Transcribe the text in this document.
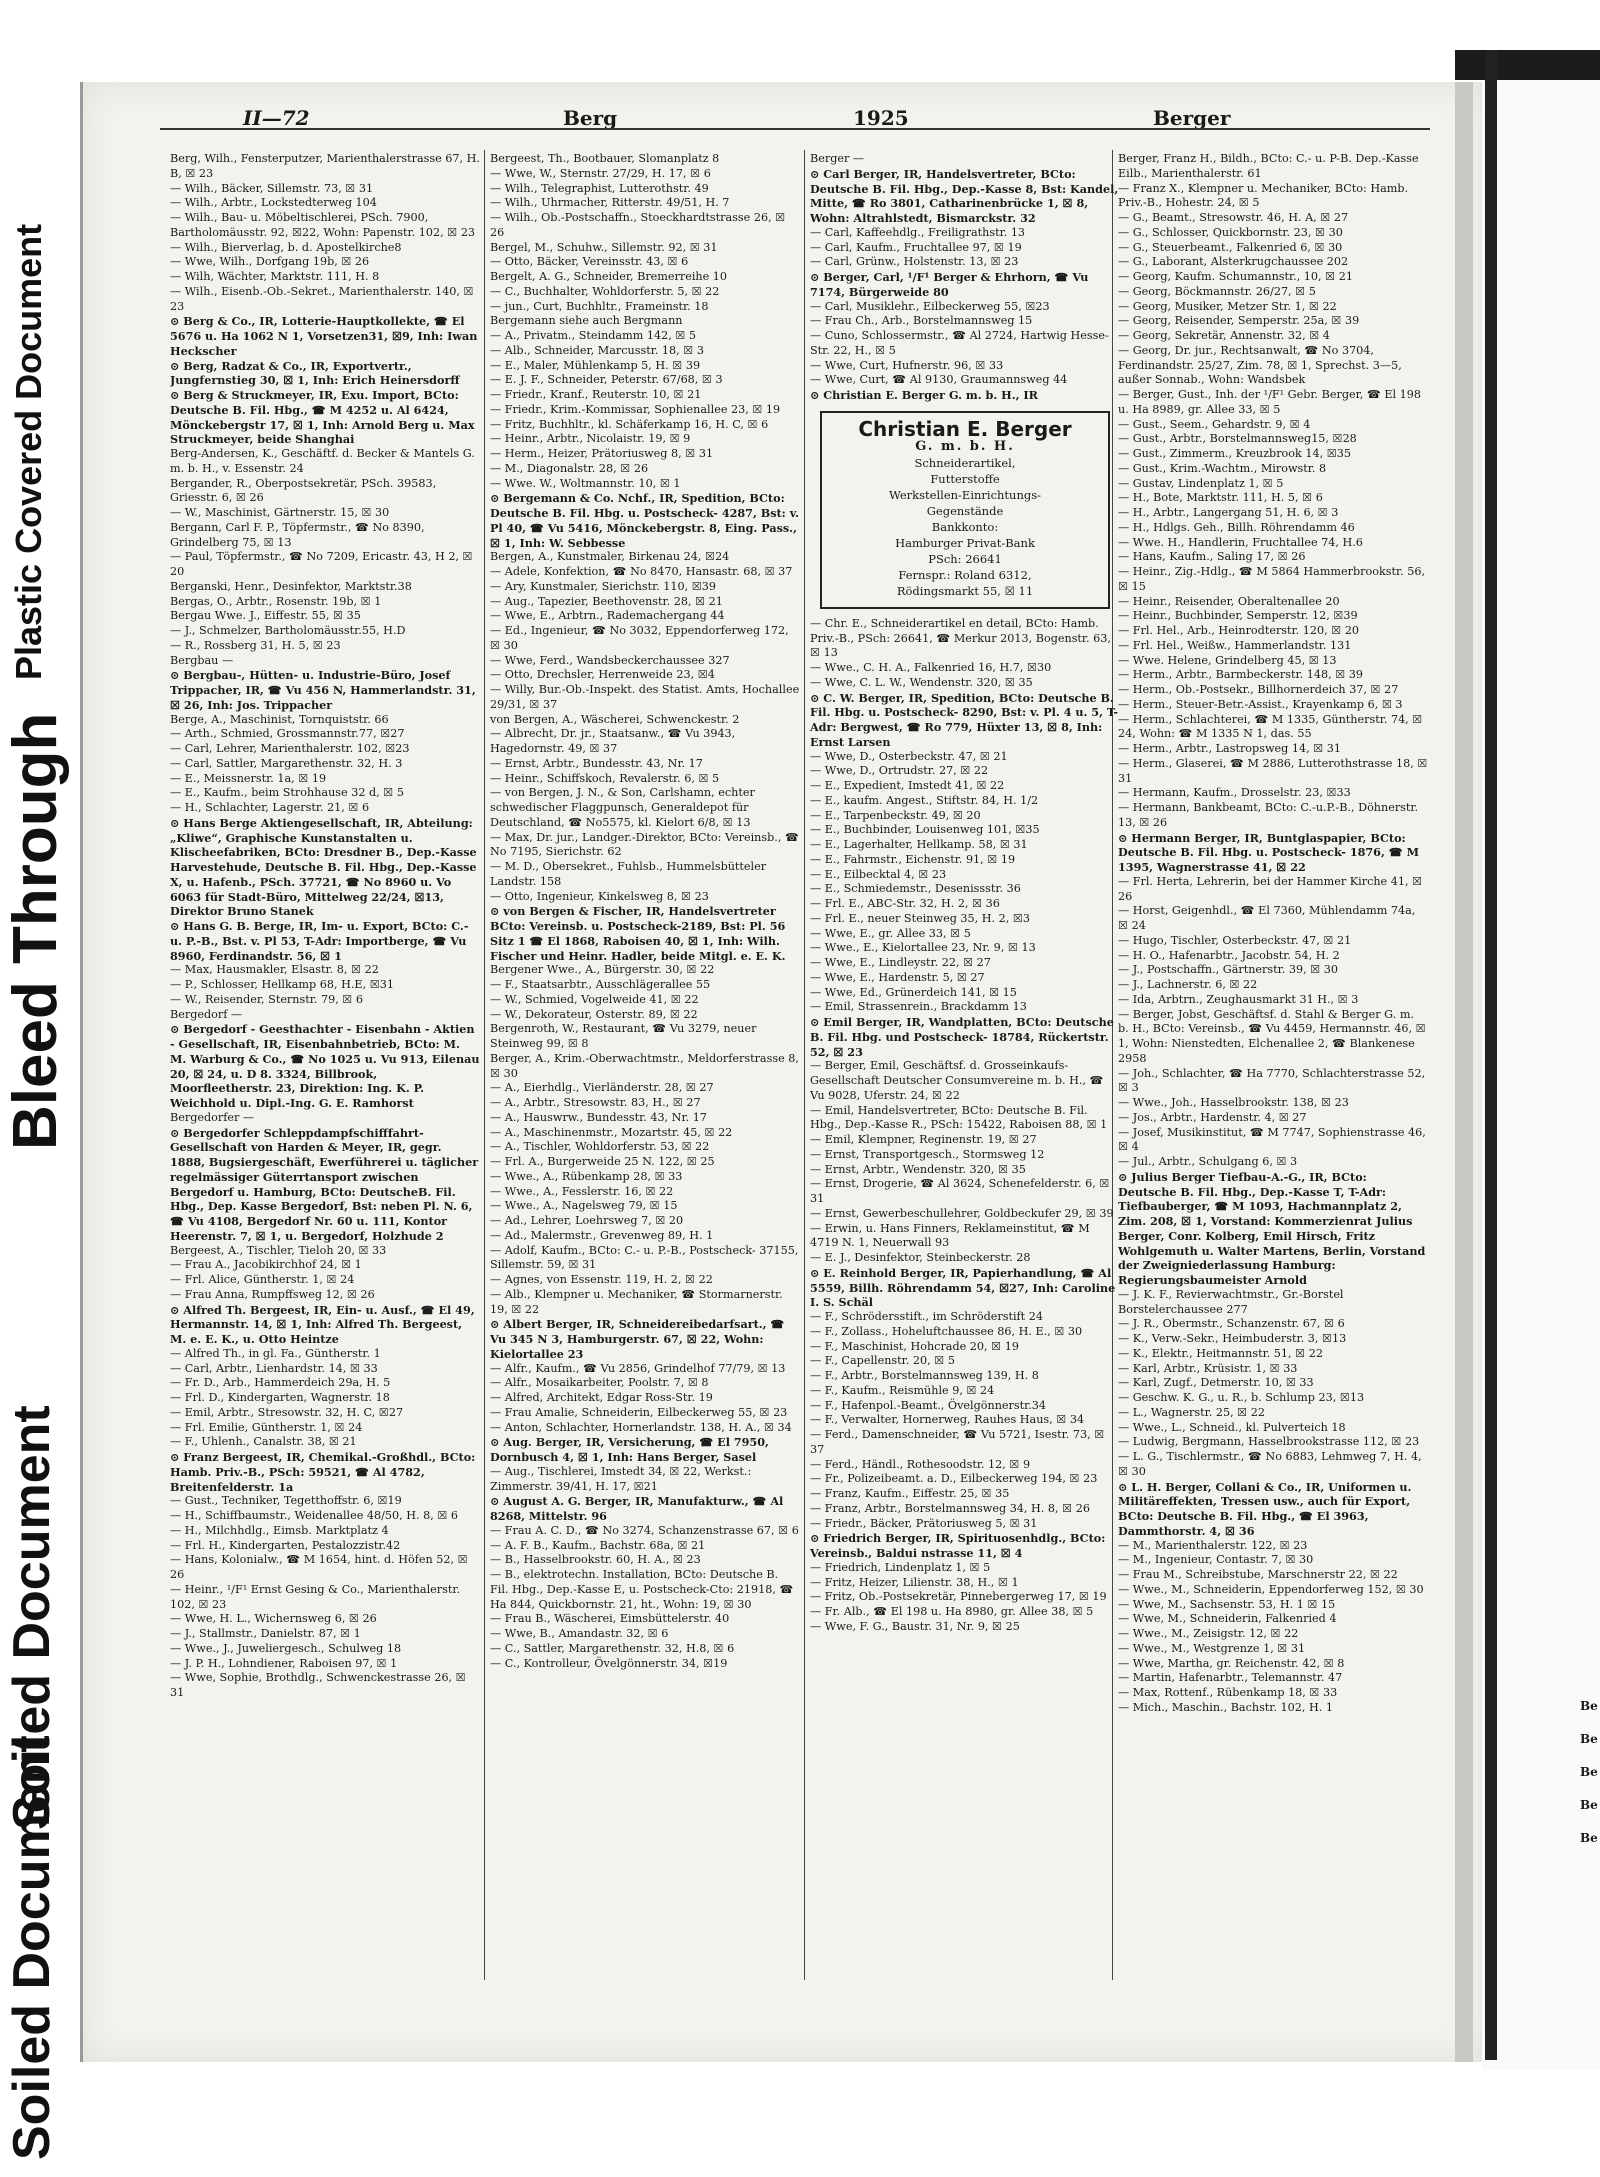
Plastic Covered Document
Bleed Through
Soiled Document
Soiled Document
II—72	Berg	1925	Berger

Berg, Wilh., Fensterputzer, Marienthalerstrasse 67, H. B, ☒ 23

— Wilh., Bäcker, Sillemstr. 73, ☒ 31

— Wilh., Arbtr., Lockstedterweg 104

— Wilh., Bau- u. Möbeltischlerei, PSch. 7900, Bartholomäusstr. 92, ☒22, Wohn: Papenstr. 102, ☒ 23

— Wilh., Bierverlag, b. d. Apostelkirche8

— Wwe, Wilh., Dorfgang 19b, ☒ 26

— Wilh, Wächter, Marktstr. 111, H. 8

— Wilh., Eisenb.-Ob.-Sekret., Marienthalerstr. 140, ☒ 23

⊙ Berg & Co., IR, Lotterie-Hauptkollekte, ☎ El 5676 u. Ha 1062 N 1, Vorsetzen31, ☒9, Inh: Iwan Heckscher

⊙ Berg, Radzat & Co., IR, Exportvertr., Jungfernstieg 30, ☒ 1, Inh: Erich Heinersdorff

⊙ Berg & Struckmeyer, IR, Exu. Import, BCto: Deutsche B. Fil. Hbg., ☎ M 4252 u. Al 6424, Mönckebergstr 17, ☒ 1, Inh: Arnold Berg u. Max Struckmeyer, beide Shanghai

Berg-Andersen, K., Geschäftf. d. Becker & Mantels G. m. b. H., v. Essenstr. 24

Bergander, R., Oberpostsekretär, PSch. 39583, Griesstr. 6, ☒ 26

— W., Maschinist, Gärtnerstr. 15, ☒ 30

Bergann, Carl F. P., Töpfermstr., ☎ No 8390, Grindelberg 75, ☒ 13

— Paul, Töpfermstr., ☎ No 7209, Ericastr. 43, H 2, ☒ 20

Berganski, Henr., Desinfektor, Marktstr.38

Bergas, O., Arbtr., Rosenstr. 19b, ☒ 1

Bergau Wwe. J., Eiffestr. 55, ☒ 35

— J., Schmelzer, Bartholomäusstr.55, H.D

— R., Rossberg 31, H. 5, ☒ 23

Bergbau —

⊙ Bergbau-, Hütten- u. Industrie-Büro, Josef Trippacher, IR, ☎ Vu 456 N, Hammerlandstr. 31, ☒ 26, Inh: Jos. Trippacher

Berge, A., Maschinist, Tornquiststr. 66

— Arth., Schmied, Grossmannstr.77, ☒27

— Carl, Lehrer, Marienthalerstr. 102, ☒23

— Carl, Sattler, Margarethenstr. 32, H. 3

— E., Meissnerstr. 1a, ☒ 19

— E., Kaufm., beim Strohhause 32 d, ☒ 5

— H., Schlachter, Lagerstr. 21, ☒ 6

⊙ Hans Berge Aktiengesellschaft, IR, Abteilung: „Kliwe“, Graphische Kunstanstalten u. Klischeefabriken, BCto: Dresdner B., Dep.-Kasse Harvestehude, Deutsche B. Fil. Hbg., Dep.-Kasse X, u. Hafenb., PSch. 37721, ☎ No 8960 u. Vo 6063 für Stadt-Büro, Mittelweg 22/24, ☒13, Direktor Bruno Stanek

⊙ Hans G. B. Berge, IR, Im- u. Export, BCto: C.- u. P.-B., Bst. v. Pl 53, T-Adr: Importberge, ☎ Vu 8960, Ferdinandstr. 56, ☒ 1

— Max, Hausmakler, Elsastr. 8, ☒ 22

— P., Schlosser, Hellkamp 68, H.E, ☒31

— W., Reisender, Sternstr. 79, ☒ 6

Bergedorf —

⊙ Bergedorf - Geesthachter - Eisenbahn - Aktien - Gesellschaft, IR, Eisenbahnbetrieb, BCto: M. M. Warburg & Co., ☎ No 1025 u. Vu 913, Eilenau 20, ☒ 24, u. D 8. 3324, Billbrook, Moorfleetherstr. 23, Direktion: Ing. K. P. Weichhold u. Dipl.-Ing. G. E. Ramhorst

Bergedorfer —

⊙ Bergedorfer Schleppdampfschifffahrt-Gesellschaft von Harden & Meyer, IR, gegr. 1888, Bugsiergeschäft, Ewerführerei u. täglicher regelmässiger Güterrtansport zwischen Bergedorf u. Hamburg, BCto: DeutscheB. Fil. Hbg., Dep. Kasse Bergedorf, Bst: neben Pl. N. 6, ☎ Vu 4108, Bergedorf Nr. 60 u. 111, Kontor Heerenstr. 7, ☒ 1, u. Bergedorf, Holzhude 2

Bergeest, A., Tischler, Tieloh 20, ☒ 33

— Frau A., Jacobikirchhof 24, ☒ 1

— Frl. Alice, Güntherstr. 1, ☒ 24

— Frau Anna, Rumpffsweg 12, ☒ 26

⊙ Alfred Th. Bergeest, IR, Ein- u. Ausf., ☎ El 49, Hermannstr. 14, ☒ 1, Inh: Alfred Th. Bergeest, M. e. E. K., u. Otto Heintze

— Alfred Th., in gl. Fa., Güntherstr. 1

— Carl, Arbtr., Lienhardstr. 14, ☒ 33

— Fr. D., Arb., Hammerdeich 29a, H. 5

— Frl. D., Kindergarten, Wagnerstr. 18

— Emil, Arbtr., Stresowstr. 32, H. C, ☒27

— Frl. Emilie, Güntherstr. 1, ☒ 24

— F., Uhlenh., Canalstr. 38, ☒ 21

⊙ Franz Bergeest, IR, Chemikal.-Großhdl., BCto: Hamb. Priv.-B., PSch: 59521, ☎ Al 4782, Breitenfelderstr. 1a

— Gust., Techniker, Tegetthoffstr. 6, ☒19

— H., Schiffbaumstr., Weidenallee 48/50, H. 8, ☒ 6

— H., Milchhdlg., Eimsb. Marktplatz 4

— Frl. H., Kindergarten, Pestalozzistr.42

— Hans, Kolonialw., ☎ M 1654, hint. d. Höfen 52, ☒ 26

— Heinr., ¹/F¹ Ernst Gesing & Co., Marienthalerstr. 102, ☒ 23

— Wwe, H. L., Wichernsweg 6, ☒ 26

— J., Stallmstr., Danielstr. 87, ☒ 1

— Wwe., J., Juweliergesch., Schulweg 18

— J. P. H., Lohndiener, Raboisen 97, ☒ 1

— Wwe, Sophie, Brothdlg., Schwenckestrasse 26, ☒ 31

Bergeest, Th., Bootbauer, Slomanplatz 8

— Wwe, W., Sternstr. 27/29, H. 17, ☒ 6

— Wilh., Telegraphist, Lutterothstr. 49

— Wilh., Uhrmacher, Ritterstr. 49/51, H. 7

— Wilh., Ob.-Postschaffn., Stoeckhardtstrasse 26, ☒ 26

Bergel, M., Schuhw., Sillemstr. 92, ☒ 31

— Otto, Bäcker, Vereinsstr. 43, ☒ 6

Bergelt, A. G., Schneider, Bremerreihe 10

— C., Buchhalter, Wohldorferstr. 5, ☒ 22

— jun., Curt, Buchhltr., Frameinstr. 18

Bergemann siehe auch Bergmann

— A., Privatm., Steindamm 142, ☒ 5

— Alb., Schneider, Marcusstr. 18, ☒ 3

— E., Maler, Mühlenkamp 5, H. ☒ 39

— E. J. F., Schneider, Peterstr. 67/68, ☒ 3

— Friedr., Kranf., Reuterstr. 10, ☒ 21

— Friedr., Krim.-Kommissar, Sophienallee 23, ☒ 19

— Fritz, Buchhltr., kl. Schäferkamp 16, H. C, ☒ 6

— Heinr., Arbtr., Nicolaistr. 19, ☒ 9

— Herm., Heizer, Prätoriusweg 8, ☒ 31

— M., Diagonalstr. 28, ☒ 26

— Wwe. W., Woltmannstr. 10, ☒ 1

⊙ Bergemann & Co. Nchf., IR, Spedition, BCto: Deutsche B. Fil. Hbg. u. Postscheck- 4287, Bst: v. Pl 40, ☎ Vu 5416, Mönckebergstr. 8, Eing. Pass., ☒ 1, Inh: W. Sebbesse

Bergen, A., Kunstmaler, Birkenau 24, ☒24

— Adele, Konfektion, ☎ No 8470, Hansastr. 68, ☒ 37

— Ary, Kunstmaler, Sierichstr. 110, ☒39

— Aug., Tapezier, Beethovenstr. 28, ☒ 21

— Wwe, E., Arbtrn., Rademachergang 44

— Ed., Ingenieur, ☎ No 3032, Eppendorferweg 172, ☒ 30

— Wwe, Ferd., Wandsbeckerchaussee 327

— Otto, Drechsler, Herrenweide 23, ☒4

— Willy, Bur.-Ob.-Inspekt. des Statist. Amts, Hochallee 29/31, ☒ 37

von Bergen, A., Wäscherei, Schwenckestr. 2

— Albrecht, Dr. jr., Staatsanw., ☎ Vu 3943, Hagedornstr. 49, ☒ 37

— Ernst, Arbtr., Bundesstr. 43, Nr. 17

— Heinr., Schiffskoch, Revalerstr. 6, ☒ 5

— von Bergen, J. N., & Son, Carlshamn, echter schwedischer Flaggpunsch, Generaldepot für Deutschland, ☎ No5575, kl. Kielort 6/8, ☒ 13

— Max, Dr. jur., Landger.-Direktor, BCto: Vereinsb., ☎ No 7195, Sierichstr. 62

— M. D., Obersekret., Fuhlsb., Hummelsbütteler Landstr. 158

— Otto, Ingenieur, Kinkelsweg 8, ☒ 23

⊙ von Bergen & Fischer, IR, Handelsvertreter BCto: Vereinsb. u. Postscheck-2189, Bst: Pl. 56 Sitz 1 ☎ El 1868, Raboisen 40, ☒ 1, Inh: Wilh. Fischer und Heinr. Hadler, beide Mitgl. e. E. K.

Bergener Wwe., A., Bürgerstr. 30, ☒ 22

— F., Staatsarbtr., Ausschlägerallee 55

— W., Schmied, Vogelweide 41, ☒ 22

— W., Dekorateur, Osterstr. 89, ☒ 22

Bergenroth, W., Restaurant, ☎ Vu 3279, neuer Steinweg 99, ☒ 8

Berger, A., Krim.-Oberwachtmstr., Meldorferstrasse 8, ☒ 30

— A., Eierhdlg., Vierländerstr. 28, ☒ 27

— A., Arbtr., Stresowstr. 83, H., ☒ 27

— A., Hauswrw., Bundesstr. 43, Nr. 17

— A., Maschinenmstr., Mozartstr. 45, ☒ 22

— A., Tischler, Wohldorferstr. 53, ☒ 22

— Frl. A., Burgerweide 25 N. 122, ☒ 25

— Wwe., A., Rübenkamp 28, ☒ 33

— Wwe., A., Fesslerstr. 16, ☒ 22

— Wwe., A., Nagelsweg 79, ☒ 15

— Ad., Lehrer, Loehrsweg 7, ☒ 20

— Ad., Malermstr., Grevenweg 89, H. 1

— Adolf, Kaufm., BCto: C.- u. P.-B., Postscheck- 37155, Sillemstr. 59, ☒ 31

— Agnes, von Essenstr. 119, H. 2, ☒ 22

— Alb., Klempner u. Mechaniker, ☎ Stormarnerstr. 19, ☒ 22

⊙ Albert Berger, IR, Schneidereibedarfsart., ☎ Vu 345 N 3, Hamburgerstr. 67, ☒ 22, Wohn: Kielortallee 23

— Alfr., Kaufm., ☎ Vu 2856, Grindelhof 77/79, ☒ 13

— Alfr., Mosaikarbeiter, Poolstr. 7, ☒ 8

— Alfred, Architekt, Edgar Ross-Str. 19

— Frau Amalie, Schneiderin, Eilbeckerweg 55, ☒ 23

— Anton, Schlachter, Hornerlandstr. 138, H. A., ☒ 34

⊙ Aug. Berger, IR, Versicherung, ☎ El 7950, Dornbusch 4, ☒ 1, Inh: Hans Berger, Sasel

— Aug., Tischlerei, Imstedt 34, ☒ 22, Werkst.: Zimmerstr. 39/41, H. 17, ☒21

⊙ August A. G. Berger, IR, Manufakturw., ☎ Al 8268, Mittelstr. 96

— Frau A. C. D., ☎ No 3274, Schanzenstrasse 67, ☒ 6

— A. F. B., Kaufm., Bachstr. 68a, ☒ 21

— B., Hasselbrookstr. 60, H. A., ☒ 23

— B., elektrotechn. Installation, BCto: Deutsche B. Fil. Hbg., Dep.-Kasse E, u. Postscheck-Cto: 21918, ☎ Ha 844, Quickbornstr. 21, ht., Wohn: 19, ☒ 30

— Frau B., Wäscherei, Eimsbüttelerstr. 40

— Wwe, B., Amandastr. 32, ☒ 6

— C., Sattler, Margarethenstr. 32, H.8, ☒ 6

— C., Kontrolleur, Övelgönnerstr. 34, ☒19

Berger —

⊙ Carl Berger, IR, Handelsvertreter, BCto: Deutsche B. Fil. Hbg., Dep.-Kasse 8, Bst: Kandel, Mitte, ☎ Ro 3801, Catharinenbrücke 1, ☒ 8, Wohn: Altrahlstedt, Bismarckstr. 32

— Carl, Kaffeehdlg., Freiligrathstr. 13

— Carl, Kaufm., Fruchtallee 97, ☒ 19

— Carl, Grünw., Holstenstr. 13, ☒ 23

⊙ Berger, Carl, ¹/F¹ Berger & Ehrhorn, ☎ Vu 7174, Bürgerweide 80

— Carl, Musiklehr., Eilbeckerweg 55, ☒23

— Frau Ch., Arb., Borstelmannsweg 15

— Cuno, Schlossermstr., ☎ Al 2724, Hartwig Hesse-Str. 22, H., ☒ 5

— Wwe, Curt, Hufnerstr. 96, ☒ 33

— Wwe, Curt, ☎ Al 9130, Graumannsweg 44

⊙ Christian E. Berger G. m. b. H., IR

Christian E. Berger
G. m. b. H.
Schneiderartikel,
Futterstoffe
Werkstellen-Einrichtungs-
Gegenstände
Bankkonto:
Hamburger Privat-Bank
PSch: 26641
Fernspr.: Roland 6312,
Rödingsmarkt 55, ☒ 11

— Chr. E., Schneiderartikel en detail, BCto: Hamb. Priv.-B., PSch: 26641, ☎ Merkur 2013, Bogenstr. 63, ☒ 13

— Wwe., C. H. A., Falkenried 16, H.7, ☒30

— Wwe, C. L. W., Wendenstr. 320, ☒ 35

⊙ C. W. Berger, IR, Spedition, BCto: Deutsche B. Fil. Hbg. u. Postscheck- 8290, Bst: v. Pl. 4 u. 5, T-Adr: Bergwest, ☎ Ro 779, Hüxter 13, ☒ 8, Inh: Ernst Larsen

— Wwe, D., Osterbeckstr. 47, ☒ 21

— Wwe, D., Ortrudstr. 27, ☒ 22

— E., Expedient, Imstedt 41, ☒ 22

— E., kaufm. Angest., Stiftstr. 84, H. 1/2

— E., Tarpenbeckstr. 49, ☒ 20

— E., Buchbinder, Louisenweg 101, ☒35

— E., Lagerhalter, Hellkamp. 58, ☒ 31

— E., Fahrmstr., Eichenstr. 91, ☒ 19

— E., Eilbecktal 4, ☒ 23

— E., Schmiedemstr., Desenissstr. 36

— Frl. E., ABC-Str. 32, H. 2, ☒ 36

— Frl. E., neuer Steinweg 35, H. 2, ☒3

— Wwe, E., gr. Allee 33, ☒ 5

— Wwe., E., Kielortallee 23, Nr. 9, ☒ 13

— Wwe, E., Lindleystr. 22, ☒ 27

— Wwe, E., Hardenstr. 5, ☒ 27

— Wwe, Ed., Grünerdeich 141, ☒ 15

— Emil, Strassenrein., Brackdamm 13

⊙ Emil Berger, IR, Wandplatten, BCto: Deutsche B. Fil. Hbg. und Postscheck- 18784, Rückertstr. 52, ☒ 23

— Berger, Emil, Geschäftsf. d. Grosseinkaufs-Gesellschaft Deutscher Consumvereine m. b. H., ☎ Vu 9028, Uferstr. 24, ☒ 22

— Emil, Handelsvertreter, BCto: Deutsche B. Fil. Hbg., Dep.-Kasse R., PSch: 15422, Raboisen 88, ☒ 1

— Emil, Klempner, Reginenstr. 19, ☒ 27

— Ernst, Transportgesch., Stormsweg 12

— Ernst, Arbtr., Wendenstr. 320, ☒ 35

— Ernst, Drogerie, ☎ Al 3624, Schenefelderstr. 6, ☒ 31

— Ernst, Gewerbeschullehrer, Goldbeckufer 29, ☒ 39

— Erwin, u. Hans Finners, Reklameinstitut, ☎ M 4719 N. 1, Neuerwall 93

— E. J., Desinfektor, Steinbeckerstr. 28

⊙ E. Reinhold Berger, IR, Papierhandlung, ☎ Al 5559, Billh. Röhrendamm 54, ☒27, Inh: Caroline I. S. Schäl

— F., Schrödersstift., im Schröderstift 24

— F., Zollass., Hoheluftchaussee 86, H. E., ☒ 30

— F., Maschinist, Hohcrade 20, ☒ 19

— F., Capellenstr. 20, ☒ 5

— F., Arbtr., Borstelmannsweg 139, H. 8

— F., Kaufm., Reismühle 9, ☒ 24

— F., Hafenpol.-Beamt., Övelgönnerstr.34

— F., Verwalter, Hornerweg, Rauhes Haus, ☒ 34

— Ferd., Damenschneider, ☎ Vu 5721, Isestr. 73, ☒ 37

— Ferd., Händl., Rothesoodstr. 12, ☒ 9

— Fr., Polizeibeamt. a. D., Eilbeckerweg 194, ☒ 23

— Franz, Kaufm., Eiffestr. 25, ☒ 35

— Franz, Arbtr., Borstelmannsweg 34, H. 8, ☒ 26

— Friedr., Bäcker, Prätoriusweg 5, ☒ 31

⊙ Friedrich Berger, IR, Spirituosenhdlg., BCto: Vereinsb., Baldui nstrasse 11, ☒ 4

— Friedrich, Lindenplatz 1, ☒ 5

— Fritz, Heizer, Lilienstr. 38, H., ☒ 1

— Fritz, Ob.-Postsekretär, Pinnebergerweg 17, ☒ 19

— Fr. Alb., ☎ El 198 u. Ha 8980, gr. Allee 38, ☒ 5

— Wwe, F. G., Baustr. 31, Nr. 9, ☒ 25

Berger, Franz H., Bildh., BCto: C.- u. P-B. Dep.-Kasse Eilb., Marienthalerstr. 61

— Franz X., Klempner u. Mechaniker, BCto: Hamb. Priv.-B., Hohestr. 24, ☒ 5

— G., Beamt., Stresowstr. 46, H. A, ☒ 27

— G., Schlosser, Quickbornstr. 23, ☒ 30

— G., Steuerbeamt., Falkenried 6, ☒ 30

— G., Laborant, Alsterkrugchaussee 202

— Georg, Kaufm. Schumannstr., 10, ☒ 21

— Georg, Böckmannstr. 26/27, ☒ 5

— Georg, Musiker, Metzer Str. 1, ☒ 22

— Georg, Reisender, Semperstr. 25a, ☒ 39

— Georg, Sekretär, Annenstr. 32, ☒ 4

— Georg, Dr. jur., Rechtsanwalt, ☎ No 3704, Ferdinandstr. 25/27, Zim. 78, ☒ 1, Sprechst. 3—5, außer Sonnab., Wohn: Wandsbek

— Berger, Gust., Inh. der ¹/F¹ Gebr. Berger, ☎ El 198 u. Ha 8989, gr. Allee 33, ☒ 5

— Gust., Seem., Gehardstr. 9, ☒ 4

— Gust., Arbtr., Borstelmannsweg15, ☒28

— Gust., Zimmerm., Kreuzbrook 14, ☒35

— Gust., Krim.-Wachtm., Mirowstr. 8

— Gustav, Lindenplatz 1, ☒ 5

— H., Bote, Marktstr. 111, H. 5, ☒ 6

— H., Arbtr., Langergang 51, H. 6, ☒ 3

— H., Hdlgs. Geh., Billh. Röhrendamm 46

— Wwe. H., Handlerin, Fruchtallee 74, H.6

— Hans, Kaufm., Saling 17, ☒ 26

— Heinr., Zig.-Hdlg., ☎ M 5864 Hammerbrookstr. 56, ☒ 15

— Heinr., Reisender, Oberaltenallee 20

— Heinr., Buchbinder, Semperstr. 12, ☒39

— Frl. Hel., Arb., Heinrodterstr. 120, ☒ 20

— Frl. Hel., Weißw., Hammerlandstr. 131

— Wwe. Helene, Grindelberg 45, ☒ 13

— Herm., Arbtr., Barmbeckerstr. 148, ☒ 39

— Herm., Ob.-Postsekr., Billhornerdeich 37, ☒ 27

— Herm., Steuer-Betr.-Assist., Krayenkamp 6, ☒ 3

— Herm., Schlachterei, ☎ M 1335, Güntherstr. 74, ☒ 24, Wohn: ☎ M 1335 N 1, das. 55

— Herm., Arbtr., Lastropsweg 14, ☒ 31

— Herm., Glaserei, ☎ M 2886, Lutterothstrasse 18, ☒ 31

— Hermann, Kaufm., Drosselstr. 23, ☒33

— Hermann, Bankbeamt, BCto: C.-u.P.-B., Döhnerstr. 13, ☒ 26

⊙ Hermann Berger, IR, Buntglaspapier, BCto: Deutsche B. Fil. Hbg. u. Postscheck- 1876, ☎ M 1395, Wagnerstrasse 41, ☒ 22

— Frl. Herta, Lehrerin, bei der Hammer Kirche 41, ☒ 26

— Horst, Geigenhdl., ☎ El 7360, Mühlendamm 74a, ☒ 24

— Hugo, Tischler, Osterbeckstr. 47, ☒ 21

— H. O., Hafenarbtr., Jacobstr. 54, H. 2

— J., Postschaffn., Gärtnerstr. 39, ☒ 30

— J., Lachnerstr. 6, ☒ 22

— Ida, Arbtrn., Zeughausmarkt 31 H., ☒ 3

— Berger, Jobst, Geschäftsf. d. Stahl & Berger G. m. b. H., BCto: Vereinsb., ☎ Vu 4459, Hermannstr. 46, ☒ 1, Wohn: Nienstedten, Elchenallee 2, ☎ Blankenese 2958

— Joh., Schlachter, ☎ Ha 7770, Schlachterstrasse 52, ☒ 3

— Wwe., Joh., Hasselbrookstr. 138, ☒ 23

— Jos., Arbtr., Hardenstr. 4, ☒ 27

— Josef, Musikinstitut, ☎ M 7747, Sophienstrasse 46, ☒ 4

— Jul., Arbtr., Schulgang 6, ☒ 3

⊙ Julius Berger Tiefbau-A.-G., IR, BCto: Deutsche B. Fil. Hbg., Dep.-Kasse T, T-Adr: Tiefbauberger, ☎ M 1093, Hachmannplatz 2, Zim. 208, ☒ 1, Vorstand: Kommerzienrat Julius Berger, Conr. Kolberg, Emil Hirsch, Fritz Wohlgemuth u. Walter Martens, Berlin, Vorstand der Zweigniederlassung Hamburg: Regierungsbaumeister Arnold

— J. K. F., Revierwachtmstr., Gr.-Borstel Borstelerchaussee 277

— J. R., Obermstr., Schanzenstr. 67, ☒ 6

— K., Verw.-Sekr., Heimbuderstr. 3, ☒13

— K., Elektr., Heitmannstr. 51, ☒ 22

— Karl, Arbtr., Krüsistr. 1, ☒ 33

— Karl, Zugf., Detmerstr. 10, ☒ 33

— Geschw. K. G., u. R., b. Schlump 23, ☒13

— L., Wagnerstr. 25, ☒ 22

— Wwe., L., Schneid., kl. Pulverteich 18

— Ludwig, Bergmann, Hasselbrookstrasse 112, ☒ 23

— L. G., Tischlermstr., ☎ No 6883, Lehmweg 7, H. 4, ☒ 30

⊙ L. H. Berger, Collani & Co., IR, Uniformen u. Militäreffekten, Tressen usw., auch für Export, BCto: Deutsche B. Fil. Hbg., ☎ El 3963, Dammthorstr. 4, ☒ 36

— M., Marienthalerstr. 122, ☒ 23

— M., Ingenieur, Contastr. 7, ☒ 30

— Frau M., Schreibstube, Marschnerstr 22, ☒ 22

— Wwe., M., Schneiderin, Eppendorferweg 152, ☒ 30

— Wwe, M., Sachsenstr. 53, H. 1 ☒ 15

— Wwe, M., Schneiderin, Falkenried 4

— Wwe., M., Zeisigstr. 12, ☒ 22

— Wwe., M., Westgrenze 1, ☒ 31

— Wwe, Martha, gr. Reichenstr. 42, ☒ 8

— Martin, Hafenarbtr., Telemannstr. 47

— Max, Rottenf., Rübenkamp 18, ☒ 33

— Mich., Maschin., Bachstr. 102, H. 1	Be
Be
Be
Be
Be
